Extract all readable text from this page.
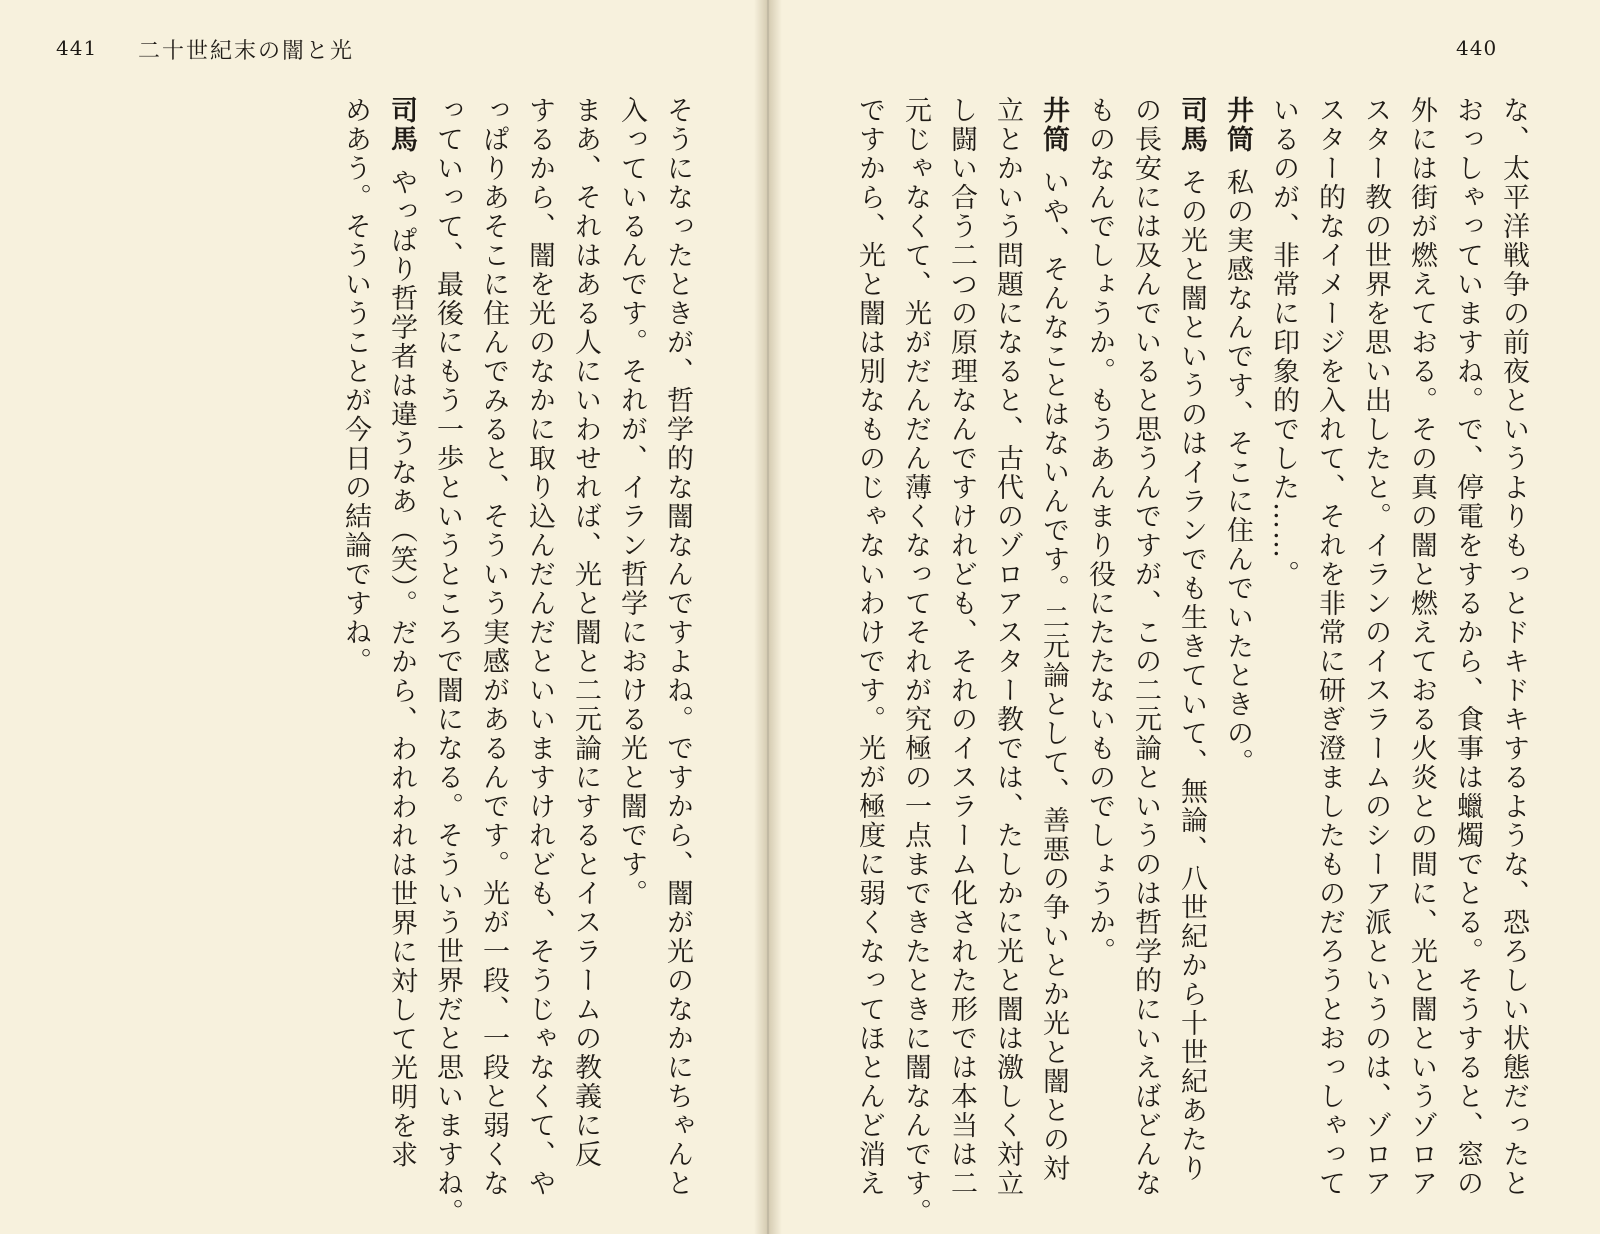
441 二十世紀末の闇と光	440
そうになったときが、哲学的な闇なんですよね。ですから、闇が光のなかにちゃんと
入っているんです。それが、イラン哲学における光と闇です。
まあ、それはある人にいわせれば、光と闇と二元論にするとイスラームの教義に反
するから、闇を光のなかに取り込んだんだといいますけれども、そうじゃなくて、や
っぱりあそこに住んでみると、そういう実感があるんです。光が一段、一段と弱くな
っていって、最後にもう一歩というところで闇になる。そういう世界だと思いますね。
司馬やっぱり哲学者は違うなあ（笑）。だから、われわれは世界に対して光明を求
めあう。そういうことが今日の結論ですね。	な、太平洋戦争の前夜というよりもっとドキドキするような、恐ろしい状態だったと
おっしゃっていますね。で、停電をするから、食事は蠟燭でとる。そうすると、窓の
外には街が燃えておる。その真の闇と燃えておる火炎との間に、光と闇というゾロア
スター教の世界を思い出したと。イランのイスラームのシーア派というのは、ゾロア
スター的なイメージを入れて、それを非常に研ぎ澄ましたものだろうとおっしゃって
いるのが、非常に印象的でした……。
井筒私の実感なんです、そこに住んでいたときの。
司馬その光と闇というのはイランでも生きていて、無論、八世紀から十世紀あたり
の長安には及んでいると思うんですが、この二元論というのは哲学的にいえばどんな
ものなんでしょうか。もうあんまり役にたたないものでしょうか。
井筒いや、そんなことはないんです。二元論として、善悪の争いとか光と闇との対
立とかいう問題になると、古代のゾロアスター教では、たしかに光と闇は激しく対立
し闘い合う二つの原理なんですけれども、それのイスラーム化された形では本当は二
元じゃなくて、光がだんだん薄くなってそれが究極の一点まできたときに闇なんです。
ですから、光と闇は別なものじゃないわけです。光が極度に弱くなってほとんど消え
